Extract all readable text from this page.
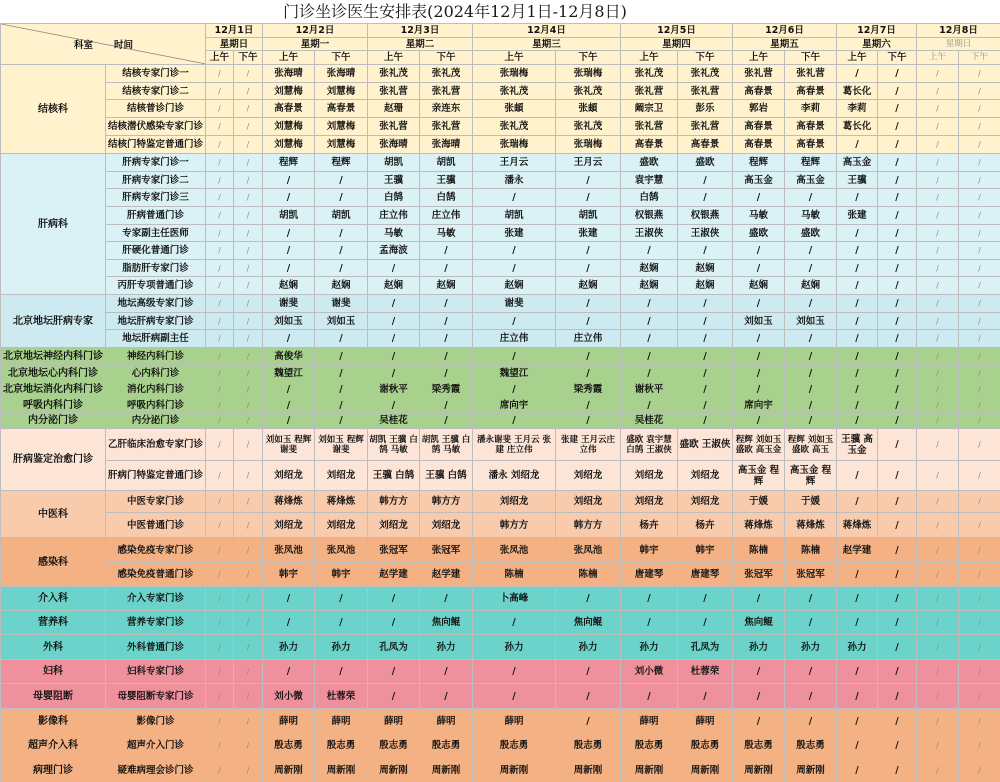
门诊坐诊医生安排表(2024年12月1日-12月8日)
科室 时间		12月1日		12月2日		12月3日		12月4日		12月5日		12月6日		12月7日		12月8日	
		星期日		星期一		星期二		星期三		星期四		星期五		星期六		星期日	
		上午	下午	上午	下午	上午	下午	上午	下午	上午	下午	上午	下午	上午	下午	上午	下午
结核科	结核专家门诊一	/	/	张海晴	张海晴	张礼茂	张礼茂	张瑞梅	张瑞梅	张礼茂	张礼茂	张礼营	张礼营	/	/	/	/
	结核专家门诊二	/	/	刘慧梅	刘慧梅	张礼营	张礼营	张礼茂	张礼茂	张礼营	张礼营	高春景	高春景	葛长化	/	/	/
	结核普诊门诊	/	/	高春景	高春景	赵珊	亲连东	张頔	张頔	阚宗卫	彭乐	郭岩	李莉	李莉	/	/	/
	结核潜伏感染专家门诊	/	/	刘慧梅	刘慧梅	张礼营	张礼营	张礼茂	张礼茂	张礼营	张礼营	高春景	高春景	葛长化	/	/	/
	结核门特鉴定普通门诊	/	/	刘慧梅	刘慧梅	张海晴	张海晴	张瑞梅	张瑞梅	高春景	高春景	高春景	高春景	/	/	/	/
肝病科	肝病专家门诊一	/	/	程辉	程辉	胡凯	胡凯	王月云	王月云	盛欧	盛欧	程辉	程辉	高玉金	/	/	/
	肝病专家门诊二	/	/	/	/	王骥	王骥	潘永	/	袁宇慧	/	高玉金	高玉金	王骥	/	/	/
	肝病专家门诊三	/	/	/	/	白鹄	白鹄	/	/	白鹄	/	/	/	/	/	/	/
	肝病普通门诊	/	/	胡凯	胡凯	庄立伟	庄立伟	胡凯	胡凯	权银燕	权银燕	马敏	马敏	张建	/	/	/
	专家副主任医师	/	/	/	/	马敏	马敏	张建	张建	王淑侠	王淑侠	盛欧	盛欧	/	/	/	/
	肝硬化普通门诊	/	/	/	/	孟海波	/	/	/	/	/	/	/	/	/	/	/
	脂肪肝专家门诊	/	/	/	/	/	/	/	/	赵娴	赵娴	/	/	/	/	/	/
	丙肝专项普通门诊	/	/	赵娴	赵娴	赵娴	赵娴	赵娴	赵娴	赵娴	赵娴	赵娴	赵娴	/	/	/	/
北京地坛肝病专家	地坛高级专家门诊	/	/	谢斐	谢斐	/	/	谢斐	/	/	/	/	/	/	/	/	/
	地坛肝病专家门诊	/	/	刘如玉	刘如玉	/	/	/	/	/	/	刘如玉	刘如玉	/	/	/	/
	地坛肝病副主任	/	/	/	/	/	/	庄立伟	庄立伟	/	/	/	/	/	/	/	/
北京地坛神经内科门诊	神经内科门诊	/	/	高俊华	/	/	/	/	/	/	/	/	/	/	/	/	/
北京地坛心内科门诊	心内科门诊	/	/	魏望江	/	/	/	魏望江	/	/	/	/	/	/	/	/	/
北京地坛消化内科门诊	消化内科门诊	/	/	/	/	谢秋平	梁秀霞	/	梁秀霞	谢秋平	/	/	/	/	/	/	/
呼吸内科门诊	呼吸内科门诊	/	/	/	/	/	/	席向宇	/	/	/	席向宇	/	/	/	/	/
内分泌门诊	内分泌门诊	/	/	/	/	吴桂花	/	/	/	吴桂花	/	/	/	/	/	/	/
肝病鉴定治愈门诊	乙肝临床治愈专家门诊	/	/	刘如玉 程辉 谢斐	刘如玉 程辉谢斐	胡凯 王骥 白鹄 马敏	胡凯 王骥 白鹄 马敏	潘永谢斐 王月云 张建 庄立伟	张建 王月云庄立伟	盛欧 袁宇慧 白鹄 王淑侠	盛欧 王淑侠	程辉 刘如玉 盛欧 高玉金	程辉 刘如玉 盛欧 高玉	王骥 高玉金	/	/	/
	肝病门特鉴定普通门诊	/	/	刘绍龙	刘绍龙	王骥 白鹄	王骥 白鹄	潘永 刘绍龙	刘绍龙	刘绍龙	刘绍龙	高玉金 程辉	高玉金 程辉	/	/	/	/
中医科	中医专家门诊	/	/	蒋烽炼	蒋烽炼	韩方方	韩方方	刘绍龙	刘绍龙	刘绍龙	刘绍龙	于媛	于媛	/	/	/	/
	中医普通门诊	/	/	刘绍龙	刘绍龙	刘绍龙	刘绍龙	韩方方	韩方方	杨卉	杨卉	蒋烽炼	蒋烽炼	蒋烽炼	/	/	/
感染科	感染免疫专家门诊	/	/	张凤池	张凤池	张冠军	张冠军	张凤池	张凤池	韩宇	韩宇	陈楠	陈楠	赵学建	/	/	/
	感染免疫普通门诊	/	/	韩宇	韩宇	赵学建	赵学建	陈楠	陈楠	唐建琴	唐建琴	张冠军	张冠军	/	/	/	/
介入科	介入专家门诊	/	/	/	/	/	/	卜高峰	/	/	/	/	/	/	/	/	/
营养科	营养专家门诊	/	/	/	/	/	焦向鲲	/	焦向鲲	/	/	焦向鲲	/	/	/	/	/
外科	外科普通门诊	/	/	孙力	孙力	孔凤为	孙力	孙力	孙力	孙力	孔凤为	孙力	孙力	孙力	/	/	/
妇科	妇科专家门诊	/	/	/	/	/	/	/	/	刘小微	杜蓉荣	/	/	/	/	/	/
母婴阻断	母婴阻断专家门诊	/	/	刘小微	杜蓉荣	/	/	/	/	/	/	/	/	/	/	/	/
影像科	影像门诊	/	/	薛明	薛明	薛明	薛明	薛明	/	薛明	薛明	/	/	/	/	/	/
超声介入科	超声介入门诊	/	/	殷志勇	殷志勇	殷志勇	殷志勇	殷志勇	殷志勇	殷志勇	殷志勇	殷志勇	殷志勇	/	/	/	/
病理门诊	疑难病理会诊门诊	/	/	周新刚	周新刚	周新刚	周新刚	周新刚	周新刚	周新刚	周新刚	周新刚	周新刚	/	/	/	/
